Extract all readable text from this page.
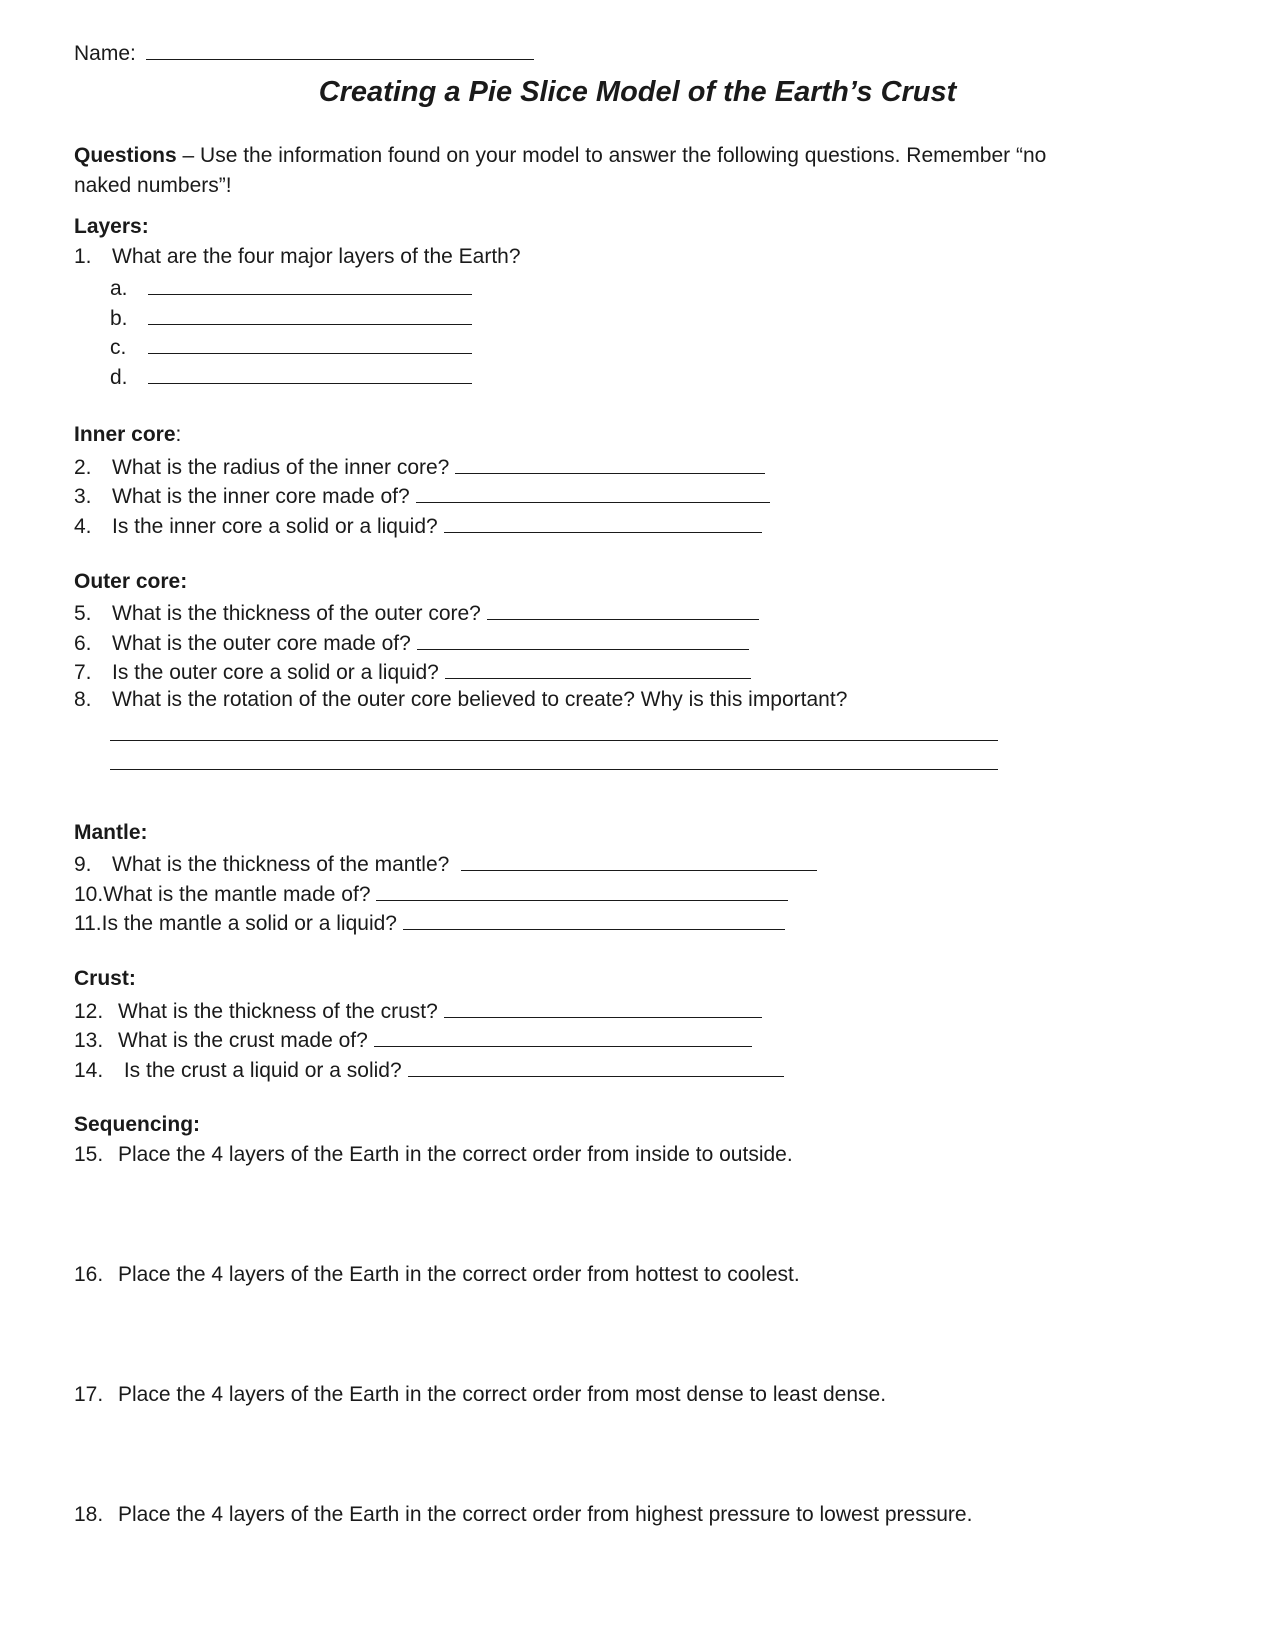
Name:
Creating a Pie Slice Model of the Earth’s Crust
Questions – Use the information found on your model to answer the following questions. Remember “no
naked numbers”!
Layers:
1. What are the four major layers of the Earth?
a.
b.
c.
d.
Inner core:
2. What is the radius of the inner core?
3. What is the inner core made of?
4. Is the inner core a solid or a liquid?
Outer core:
5. What is the thickness of the outer core?
6. What is the outer core made of?
7. Is the outer core a solid or a liquid?
8. What is the rotation of the outer core believed to create? Why is this important?
Mantle:
9. What is the thickness of the mantle?
10.What is the mantle made of?
11.Is the mantle a solid or a liquid?
Crust:
12. What is the thickness of the crust?
13. What is the crust made of?
14. Is the crust a liquid or a solid?
Sequencing:
15. Place the 4 layers of the Earth in the correct order from inside to outside.
16. Place the 4 layers of the Earth in the correct order from hottest to coolest.
17. Place the 4 layers of the Earth in the correct order from most dense to least dense.
18. Place the 4 layers of the Earth in the correct order from highest pressure to lowest pressure.
